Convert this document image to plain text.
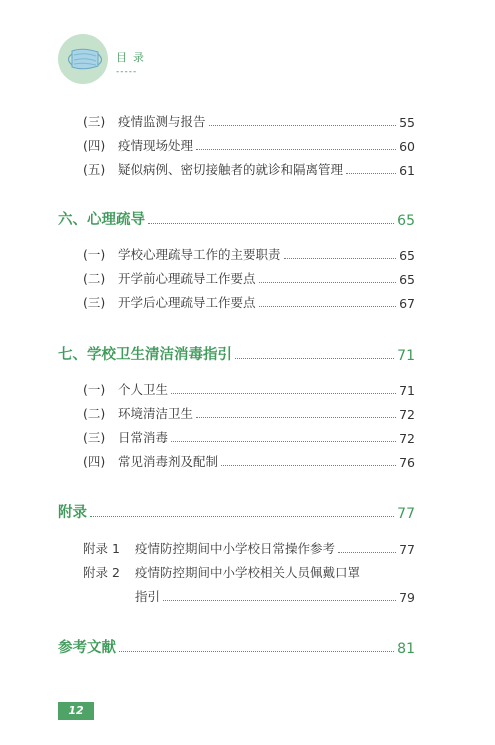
目录
-----
(三)	疫情监测与报告	55
(四)	疫情现场处理	60
(五)	疑似病例、密切接触者的就诊和隔离管理	61
六、心理疏导	65
(一)	学校心理疏导工作的主要职责	65
(二)	开学前心理疏导工作要点	65
(三)	开学后心理疏导工作要点	67
七、学校卫生清洁消毒指引	71
(一)	个人卫生	71
(二)	环境清洁卫生	72
(三)	日常消毒	72
(四)	常见消毒剂及配制	76
附录	77
附录 1	疫情防控期间中小学校日常操作参考	77
附录 2	疫情防控期间中小学校相关人员佩戴口罩
指引	79
参考文献	81
12
